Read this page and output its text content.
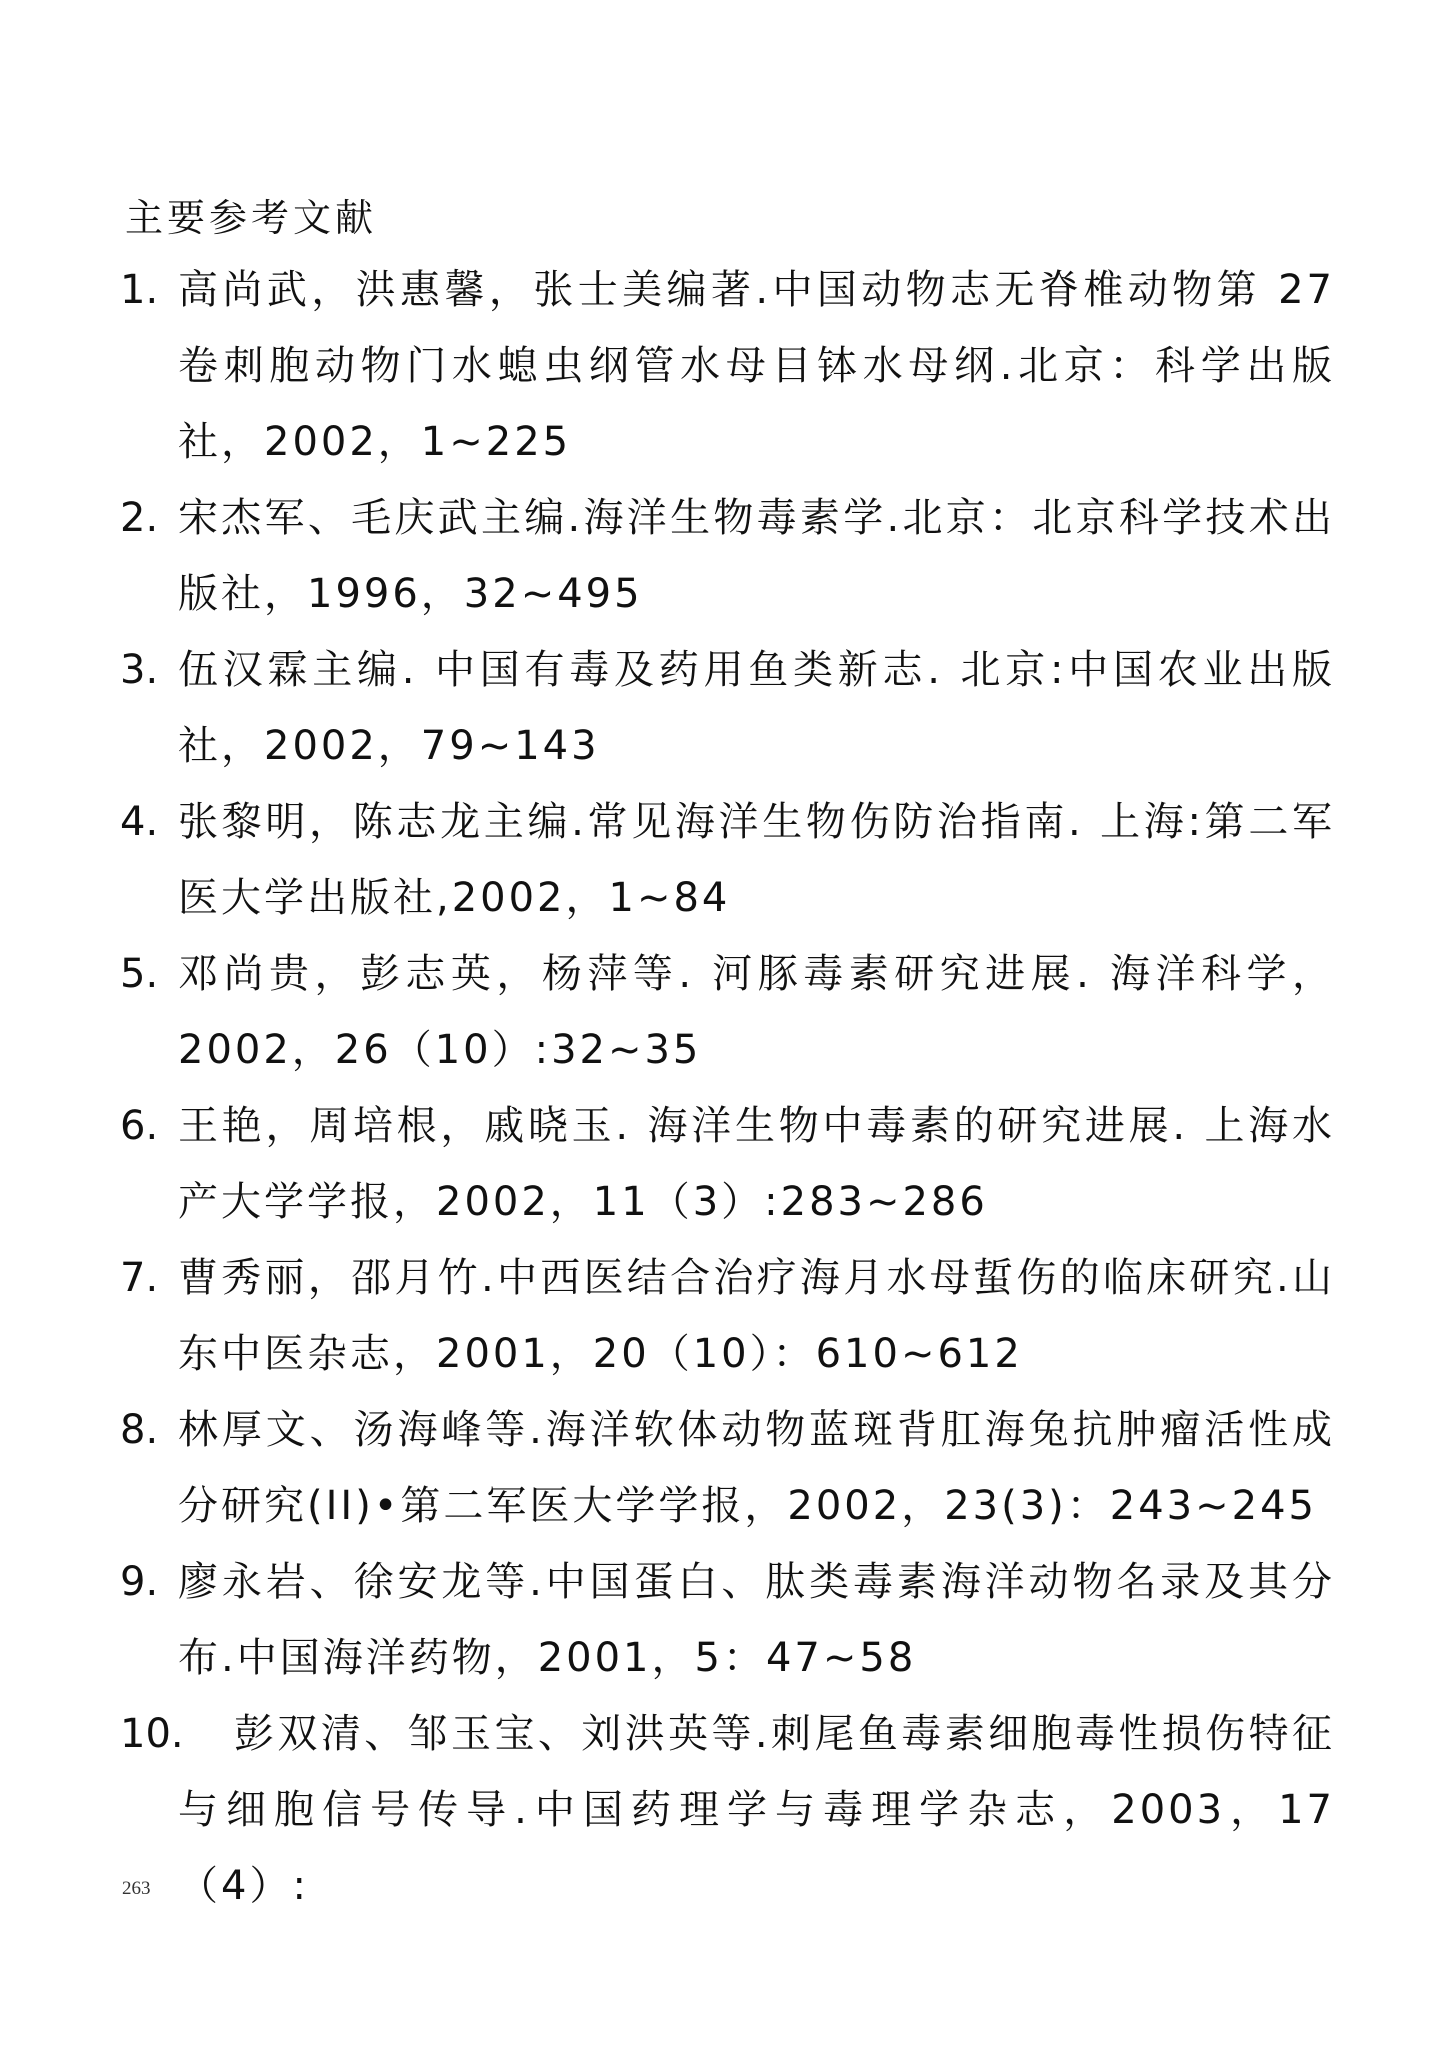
主要参考文献
1. 高尚武，洪惠馨，张士美编著.中国动物志无脊椎动物第 27 卷刺胞动物门水螅虫纲管水母目钵水母纲.北京：科学出版社，2002，1~225
2. 宋杰军、毛庆武主编.海洋生物毒素学.北京：北京科学技术出版社，1996，32~495
3. 伍汉霖主编. 中国有毒及药用鱼类新志. 北京:中国农业出版社，2002，79~143
4. 张黎明，陈志龙主编.常见海洋生物伤防治指南. 上海:第二军医大学出版社,2002，1~84
5. 邓尚贵，彭志英，杨萍等. 河豚毒素研究进展. 海洋科学，2002，26（10）:32~35
6. 王艳，周培根，戚晓玉. 海洋生物中毒素的研究进展. 上海水产大学学报，2002，11（3）:283~286
7. 曹秀丽，邵月竹.中西医结合治疗海月水母蜇伤的临床研究.山东中医杂志，2001，20（10）：610~612
8. 林厚文、汤海峰等.海洋软体动物蓝斑背肛海兔抗肿瘤活性成分研究(II)•第二军医大学学报，2002，23(3)：243~245
9. 廖永岩、徐安龙等.中国蛋白、肽类毒素海洋动物名录及其分布.中国海洋药物，2001，5：47~58
10.	彭双清、邹玉宝、刘洪英等.刺尾鱼毒素细胞毒性损伤特征与细胞信号传导.中国药理学与毒理学杂志，2003，17（4）:
263
